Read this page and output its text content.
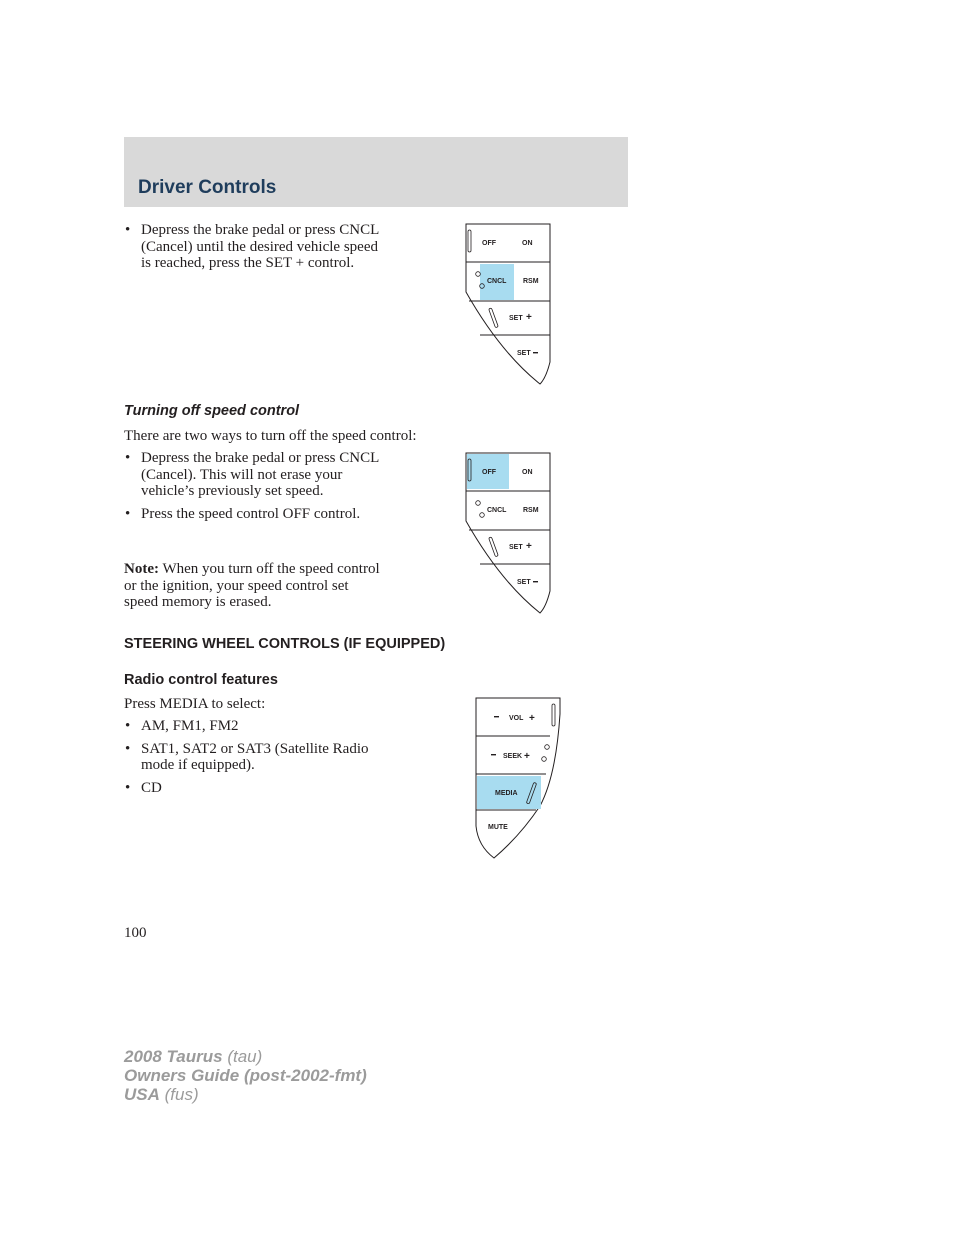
Driver Controls
• Depress the brake pedal or press CNCL (Cancel) until the desired vehicle speed is reached, press the SET + control.
OFF	ON
CNCL RSM
SET +
SET
Turning off speed control

There are two ways to turn off the speed control:

• Depress the brake pedal or press CNCL (Cancel). This will not erase your vehicle’s previously set speed.
• Press the speed control OFF control.

Note: When you turn off the speed control or the ignition, your speed control set speed memory is erased.

OFF	ON
CNCL RSM
SET +
SET
STEERING WHEEL CONTROLS (IF EQUIPPED)
Radio control features

Press MEDIA to select:

• AM, FM1, FM2
• SAT1, SAT2 or SAT3 (Satellite Radio mode if equipped).
• CD
VOL +
SEEK +
MEDIA
MUTE
100
2008 Taurus (tau)
Owners Guide (post-2002-fmt)
USA (fus)
